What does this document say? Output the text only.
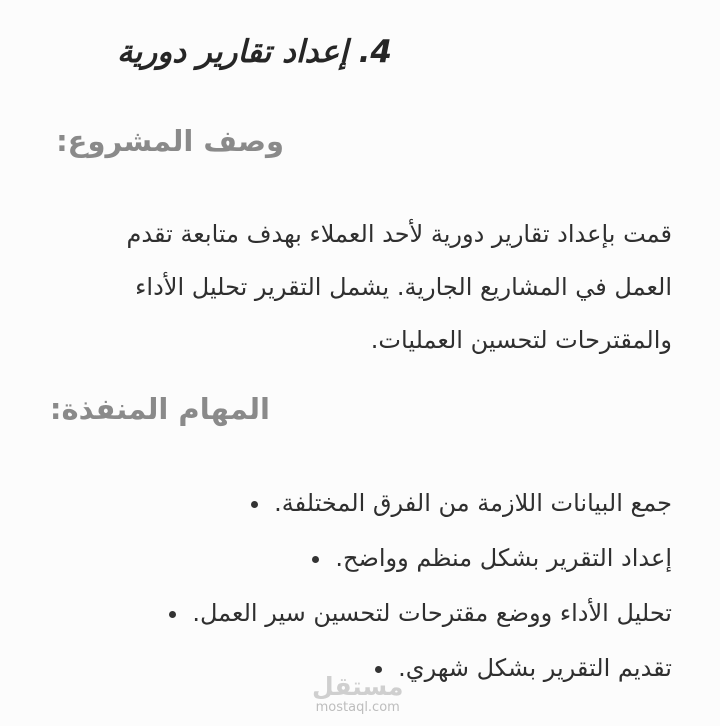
4. إعداد تقارير دورية
وصف المشروع:

قمت بإعداد تقارير دورية لأحد العملاء بهدف متابعة تقدم العمل في المشاريع الجارية. يشمل التقرير تحليل الأداء والمقترحات لتحسين العمليات.

المهام المنفذة:
جمع البيانات اللازمة من الفرق المختلفة.
إعداد التقرير بشكل منظم وواضح.
تحليل الأداء ووضع مقترحات لتحسين سير العمل.
تقديم التقرير بشكل شهري.
مستقل
mostaql.com
